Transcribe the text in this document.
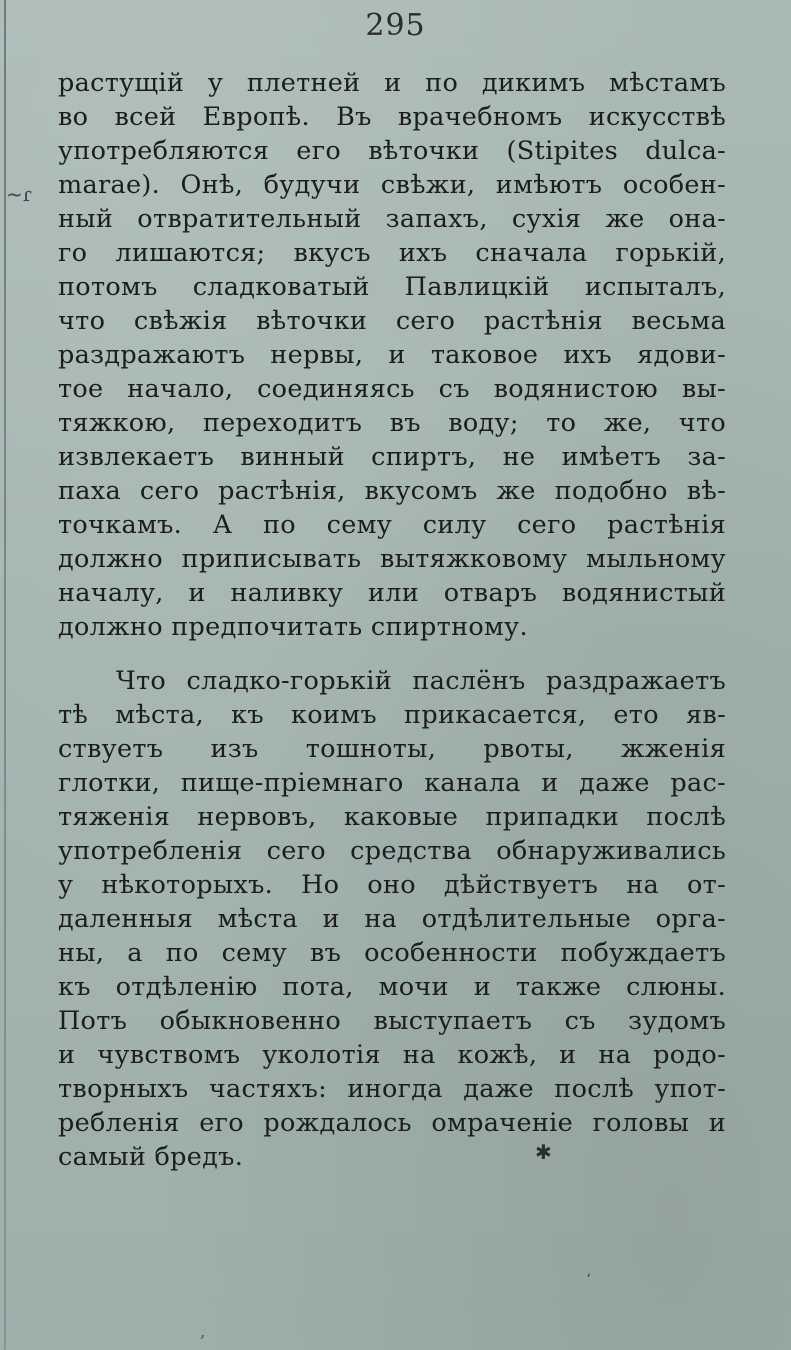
295
~ɾ
растущій у плетней и по дикимъ мѣстамъ
во всей Европѣ. Въ врачебномъ искусствѣ
употребляются его вѣточки (Stipites dulca-
marae). Онѣ, будучи свѣжи, имѣютъ особен-
ный отвратительный запахъ, сухія же она-
го лишаются; вкусъ ихъ сначала горькій,
потомъ сладковатый Павлицкій испыталъ,
что свѣжія вѣточки сего растѣнія весьма
раздражаютъ нервы, и таковое ихъ ядови-
тое начало, соединяясь съ водянистою вы-
тяжкою, переходитъ въ воду; то же, что
извлекаетъ винный спиртъ, не имѣетъ за-
паха сего растѣнія, вкусомъ же подобно вѣ-
точкамъ. А по сему силу сего растѣнія
должно приписывать вытяжковому мыльному
началу, и наливку или отваръ водянистый
должно предпочитать спиртному.
Что сладко-горькій паслёнъ раздражаетъ
тѣ мѣста, къ коимъ прикасается, ето яв-
ствуетъ изъ тошноты, рвоты, жженія
глотки, пище-пріемнаго канала и даже рас-
тяженія нервовъ, каковые припадки послѣ
употребленія сего средства обнаруживались
у нѣкоторыхъ. Но оно дѣйствуетъ на от-
даленныя мѣста и на отдѣлительные орга-
ны, а по сему въ особенности побуждаетъ
къ отдѣленію пота, мочи и также слюны.
Потъ обыкновенно выступаетъ съ зудомъ
и чувствомъ уколотія на кожѣ, и на родо-
творныхъ частяхъ: иногда даже послѣ упот-
ребленія его рождалось омраченіе головы и
самый бредъ.	✱
‘
‚
